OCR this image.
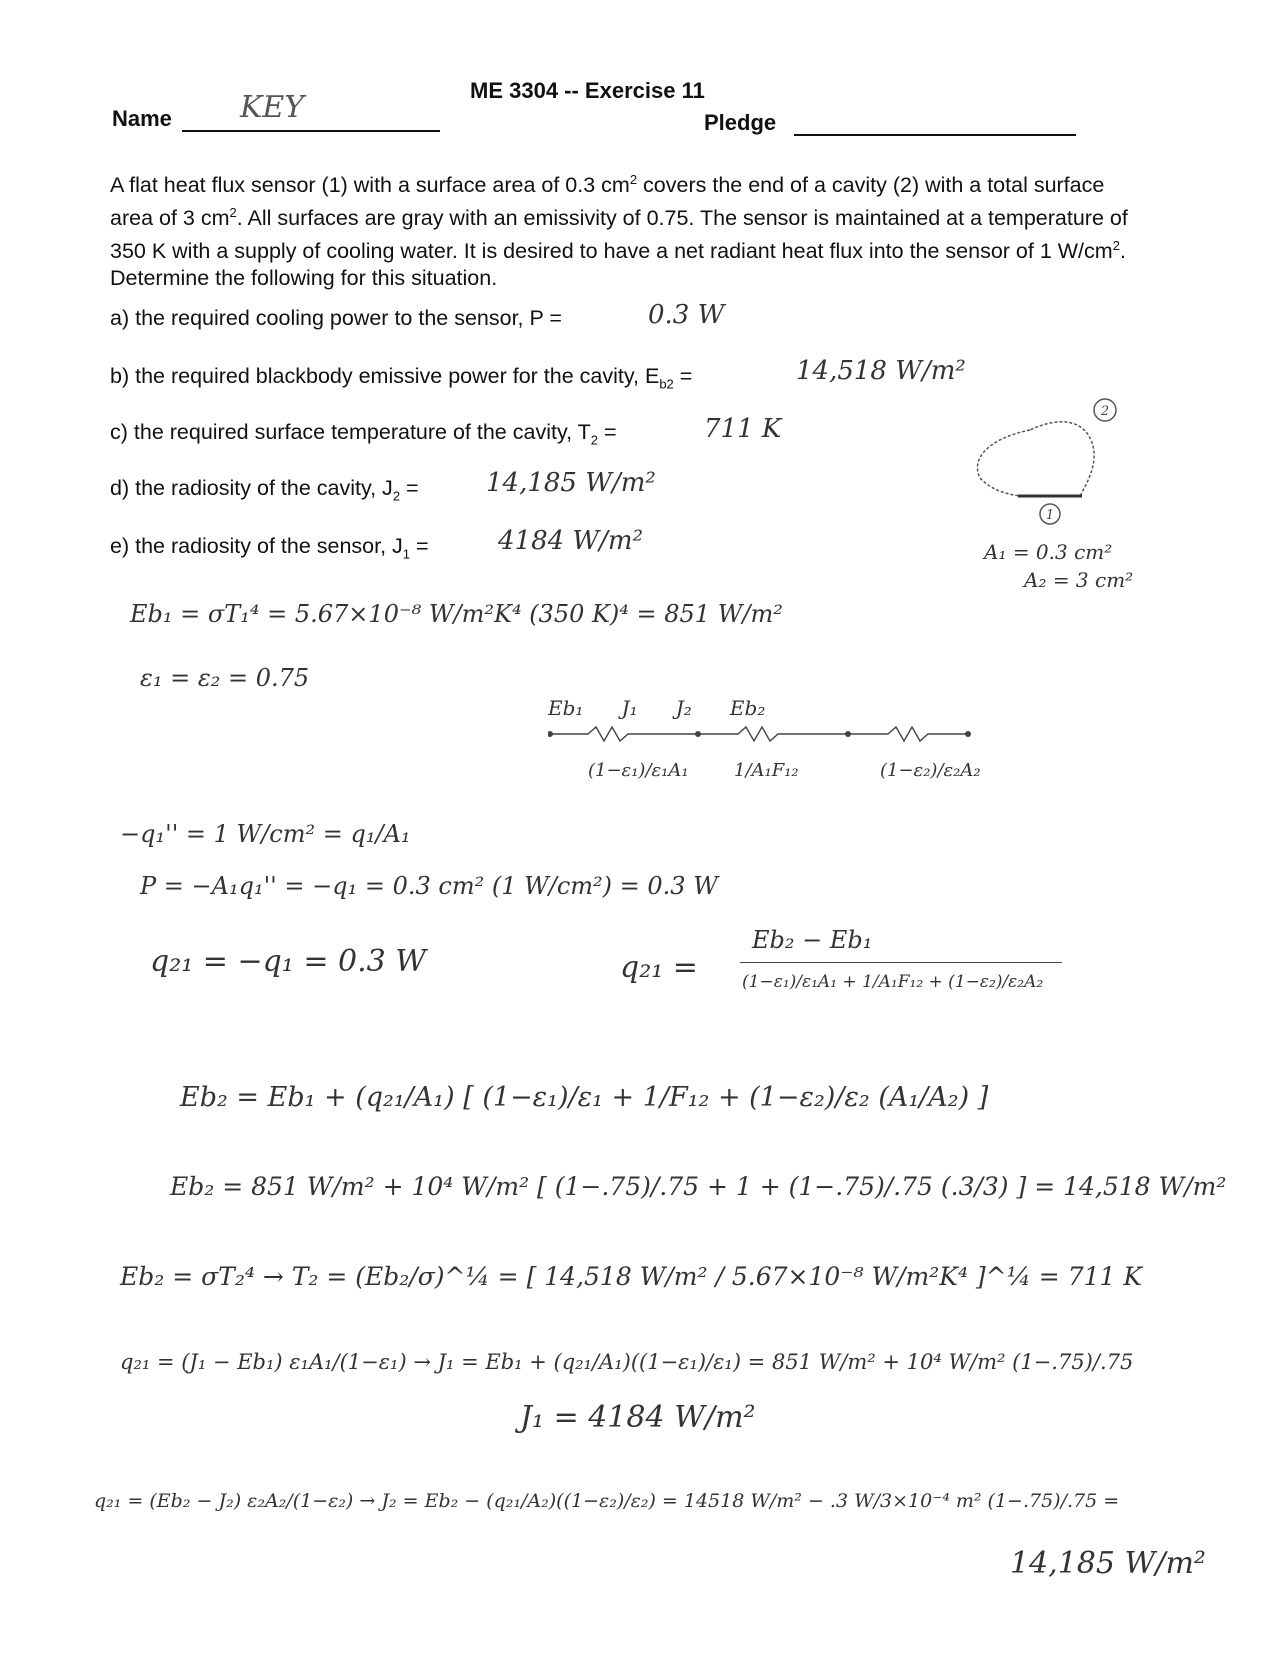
ME 3304 -- Exercise 11
Name KEY	Pledge
A flat heat flux sensor (1) with a surface area of 0.3 $cm^2$ covers the end of a cavity (2) with a total surface area of 3 $cm^2$. All surfaces are gray with an emissivity of 0.75. The sensor is maintained at a temperature of 350 K with a supply of cooling water. It is desired to have a net radiant heat flux into the sensor of 1 $W/cm^2$. Determine the following for this situation.
a) the required cooling power to the sensor, P =	0.3 W
b) the required blackbody emissive power for the cavity, $E_{b2}$ =	14,518 W/m²
c) the required surface temperature of the cavity, $T_2$ =	711 K
d) the radiosity of the cavity, $J_2$ =	14,185 W/m²
e) the radiosity of the sensor, $J_1$ =	4184 W/m²
2
1
A₁ = 0.3 cm²
A₂ = 3 cm²
Eb₁ = σT₁⁴ = 5.67×10⁻⁸ W/m²K⁴ (350 K)⁴ = 851 W/m²
ε₁ = ε₂ = 0.75
Eb₁      J₁      J₂      Eb₂
(1−ε₁)/ε₁A₁	1/A₁F₁₂	(1−ε₂)/ε₂A₂
−q₁'' = 1 W/cm² = q₁/A₁
P = −A₁q₁'' = −q₁ = 0.3 cm² (1 W/cm²) = 0.3 W
q₂₁ = −q₁ = 0.3 W	q₂₁ =
Eb₂ − Eb₁
(1−ε₁)/ε₁A₁ + 1/A₁F₁₂ + (1−ε₂)/ε₂A₂
Eb₂ = Eb₁ + (q₂₁/A₁) [ (1−ε₁)/ε₁ + 1/F₁₂ + (1−ε₂)/ε₂ (A₁/A₂) ]
Eb₂ = 851 W/m² + 10⁴ W/m² [ (1−.75)/.75 + 1 + (1−.75)/.75 (.3/3) ] = 14,518 W/m²
Eb₂ = σT₂⁴ → T₂ = (Eb₂/σ)^¼ = [ 14,518 W/m² / 5.67×10⁻⁸ W/m²K⁴ ]^¼ = 711 K
q₂₁ = (J₁ − Eb₁) ε₁A₁/(1−ε₁) → J₁ = Eb₁ + (q₂₁/A₁)((1−ε₁)/ε₁) = 851 W/m² + 10⁴ W/m² (1−.75)/.75
J₁ = 4184 W/m²
q₂₁ = (Eb₂ − J₂) ε₂A₂/(1−ε₂) → J₂ = Eb₂ − (q₂₁/A₂)((1−ε₂)/ε₂) = 14518 W/m² − .3 W/3×10⁻⁴ m² (1−.75)/.75 =
14,185 W/m²
